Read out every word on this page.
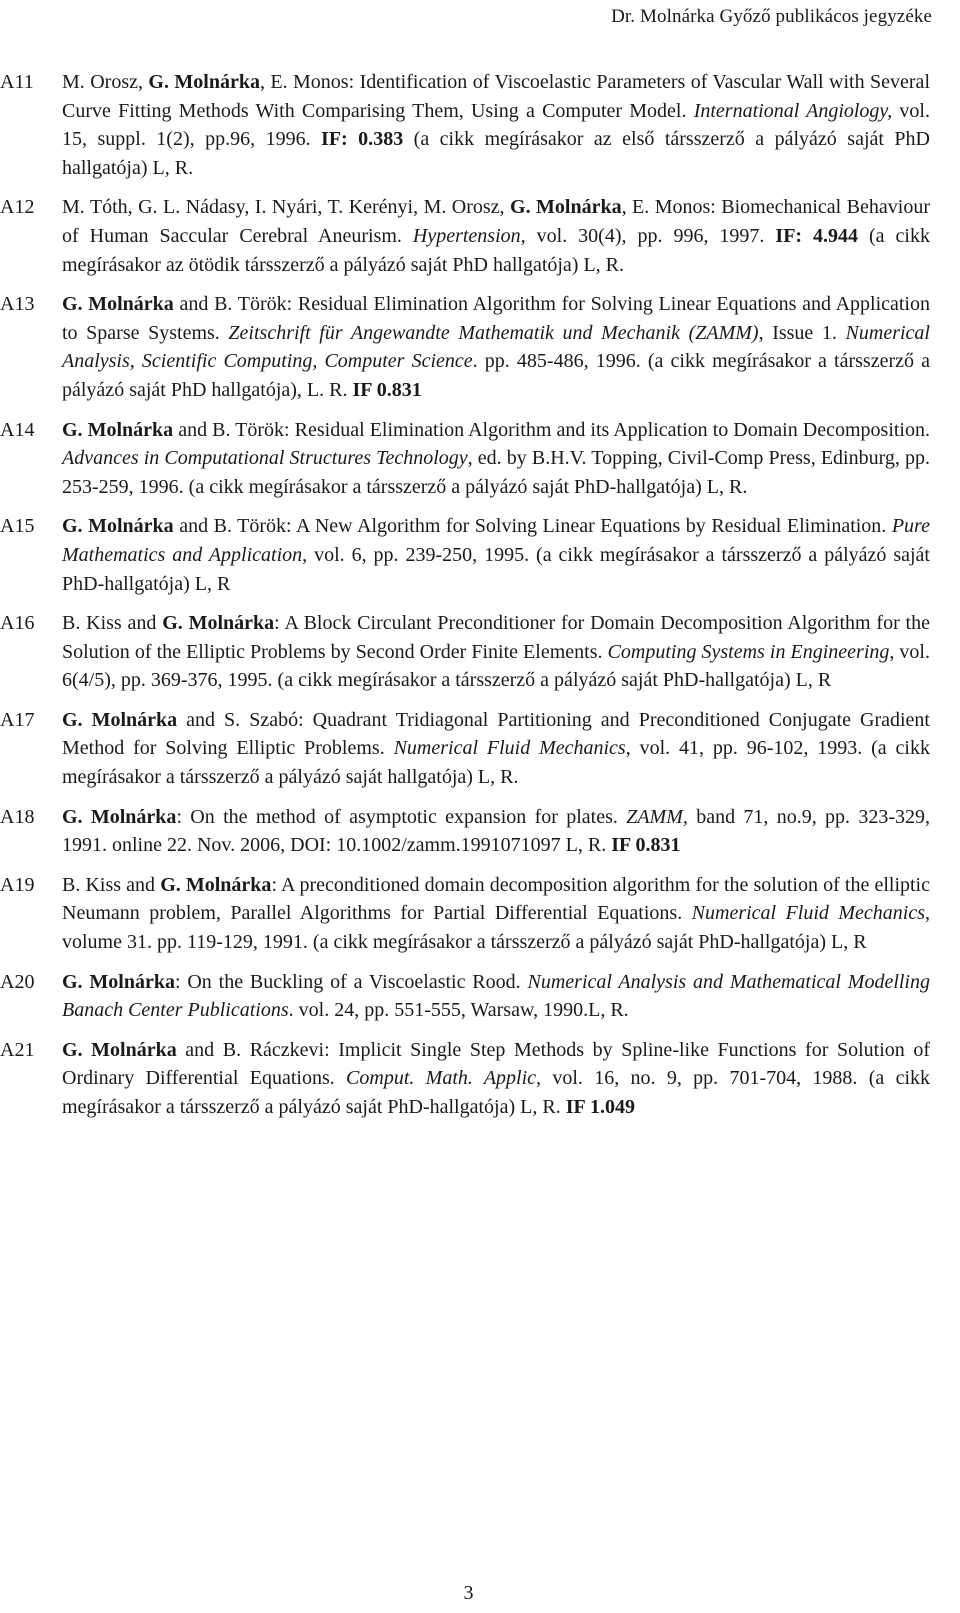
Dr. Molnárka Győző publikácos jegyzéke
A11 M. Orosz, G. Molnárka, E. Monos: Identification of Viscoelastic Parameters of Vascular Wall with Several Curve Fitting Methods With Comparising Them, Using a Computer Model. International Angiology, vol. 15, suppl. 1(2), pp.96, 1996. IF: 0.383 (a cikk megírásakor az első társszerző a pályázó saját PhD hallgatója) L, R.
A12 M. Tóth, G. L. Nádasy, I. Nyári, T. Kerényi, M. Orosz, G. Molnárka, E. Monos: Biomechanical Behaviour of Human Saccular Cerebral Aneurism. Hypertension, vol. 30(4), pp. 996, 1997. IF: 4.944 (a cikk megírásakor az ötödik társszerző a pályázó saját PhD hallgatója) L, R.
A13 G. Molnárka and B. Török: Residual Elimination Algorithm for Solving Linear Equations and Application to Sparse Systems. Zeitschrift für Angewandte Mathematik und Mechanik (ZAMM), Issue 1. Numerical Analysis, Scientific Computing, Computer Science. pp. 485-486, 1996. (a cikk megírásakor a társszerző a pályázó saját PhD hallgatója), L. R. IF 0.831
A14 G. Molnárka and B. Török: Residual Elimination Algorithm and its Application to Domain Decomposition. Advances in Computational Structures Technology, ed. by B.H.V. Topping, Civil-Comp Press, Edinburg, pp. 253-259, 1996. (a cikk megírásakor a társszerző a pályázó saját PhD-hallgatója) L, R.
A15 G. Molnárka and B. Török: A New Algorithm for Solving Linear Equations by Residual Elimination. Pure Mathematics and Application, vol. 6, pp. 239-250, 1995. (a cikk megírásakor a társszerző a pályázó saját PhD-hallgatója) L, R
A16 B. Kiss and G. Molnárka: A Block Circulant Preconditioner for Domain Decomposition Algorithm for the Solution of the Elliptic Problems by Second Order Finite Elements. Computing Systems in Engineering, vol. 6(4/5), pp. 369-376, 1995. (a cikk megírásakor a társszerző a pályázó saját PhD-hallgatója) L, R
A17 G. Molnárka and S. Szabó: Quadrant Tridiagonal Partitioning and Preconditioned Conjugate Gradient Method for Solving Elliptic Problems. Numerical Fluid Mechanics, vol. 41, pp. 96-102, 1993. (a cikk megírásakor a társszerző a pályázó saját hallgatója) L, R.
A18 G. Molnárka: On the method of asymptotic expansion for plates. ZAMM, band 71, no.9, pp. 323-329, 1991. online 22. Nov. 2006, DOI: 10.1002/zamm.1991071097 L, R. IF 0.831
A19 B. Kiss and G. Molnárka: A preconditioned domain decomposition algorithm for the solution of the elliptic Neumann problem, Parallel Algorithms for Partial Differential Equations. Numerical Fluid Mechanics, volume 31. pp. 119-129, 1991. (a cikk megírásakor a társszerző a pályázó saját PhD-hallgatója) L, R
A20 G. Molnárka: On the Buckling of a Viscoelastic Rood. Numerical Analysis and Mathematical Modelling Banach Center Publications. vol. 24, pp. 551-555, Warsaw, 1990.L, R.
A21 G. Molnárka and B. Ráczkevi: Implicit Single Step Methods by Spline-like Functions for Solution of Ordinary Differential Equations. Comput. Math. Applic, vol. 16, no. 9, pp. 701-704, 1988. (a cikk megírásakor a társszerző a pályázó saját PhD-hallgatója) L, R. IF 1.049
3
